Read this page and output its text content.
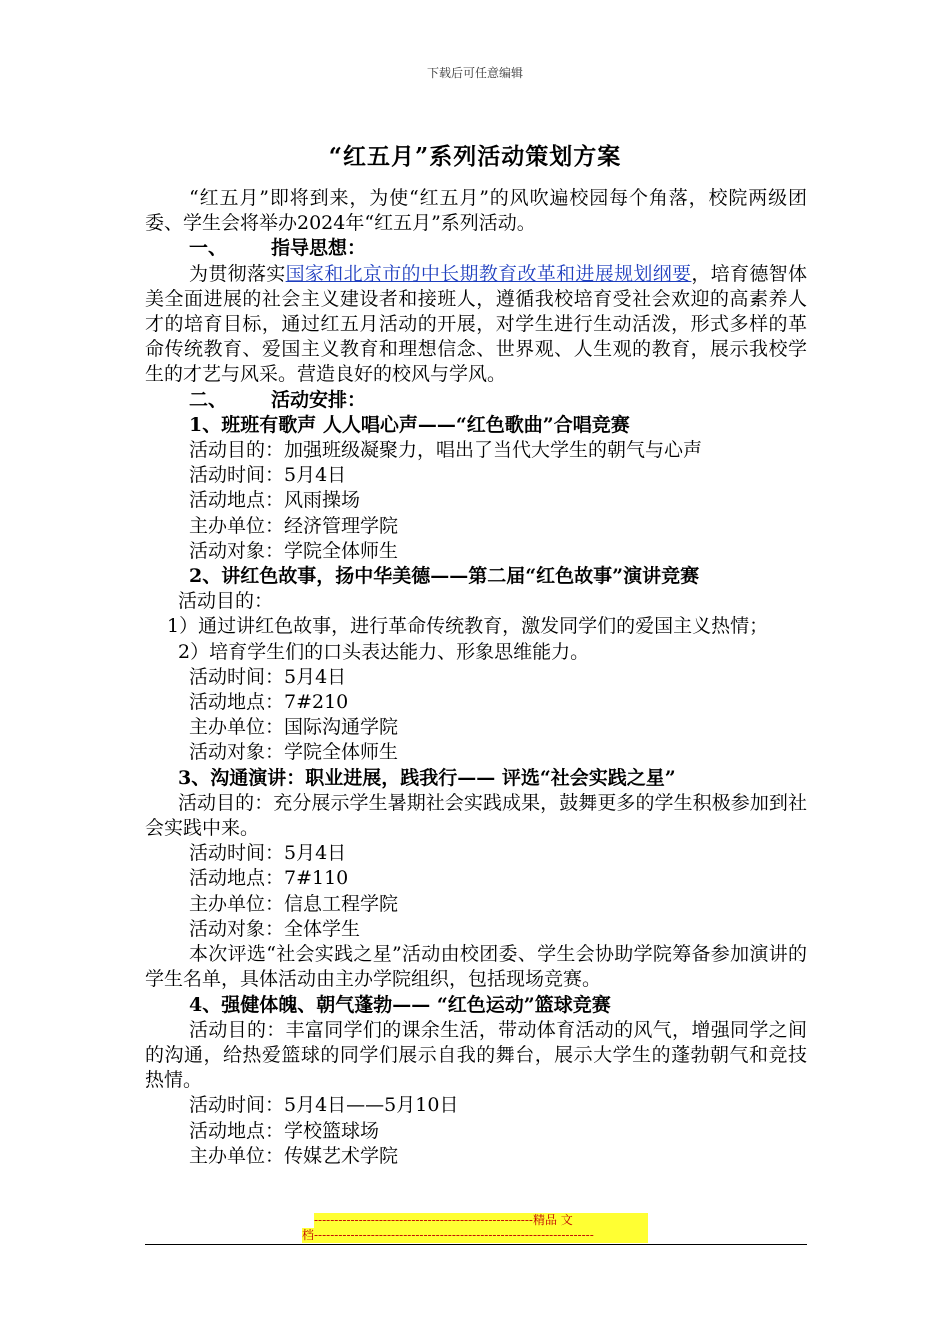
下载后可任意编辑
“红五月”系列活动策划方案

“红五月”即将到来，为使“红五月”的风吹遍校园每个角落，校院两级团委、学生会将举办2024年“红五月”系列活动。

一、 指导思想：

为贯彻落实国家和北京市的中长期教育改革和进展规划纲要，培育德智体美全面进展的社会主义建设者和接班人，遵循我校培育受社会欢迎的高素养人才的培育目标，通过红五月活动的开展，对学生进行生动活泼，形式多样的革命传统教育、爱国主义教育和理想信念、世界观、人生观的教育，展示我校学生的才艺与风采。营造良好的校风与学风。

二、 活动安排：

1、班班有歌声 人人唱心声——“红色歌曲”合唱竞赛

活动目的：加强班级凝聚力，唱出了当代大学生的朝气与心声

活动时间：5月4日

活动地点：风雨操场

主办单位：经济管理学院

活动对象：学院全体师生

2、讲红色故事，扬中华美德——第二届“红色故事”演讲竞赛

活动目的：

1）通过讲红色故事，进行革命传统教育，激发同学们的爱国主义热情；

2）培育学生们的口头表达能力、形象思维能力。

活动时间：5月4日

活动地点：7#210

主办单位：国际沟通学院

活动对象：学院全体师生

3、沟通演讲：职业进展，践我行—— 评选“社会实践之星”

活动目的：充分展示学生暑期社会实践成果，鼓舞更多的学生积极参加到社会实践中来。

活动时间：5月4日

活动地点：7#110

主办单位：信息工程学院

活动对象：全体学生

本次评选“社会实践之星”活动由校团委、学生会协助学院筹备参加演讲的学生名单，具体活动由主办学院组织，包括现场竞赛。

4、强健体魄、朝气蓬勃—— “红色运动”篮球竞赛

活动目的：丰富同学们的课余生活，带动体育活动的风气，增强同学之间的沟通，给热爱篮球的同学们展示自我的舞台，展示大学生的蓬勃朝气和竞技热情。

活动时间：5月4日——5月10日

活动地点：学校篮球场

主办单位：传媒艺术学院

------------------------------------------------------精品 文
档---------------------------------------------------------------------
